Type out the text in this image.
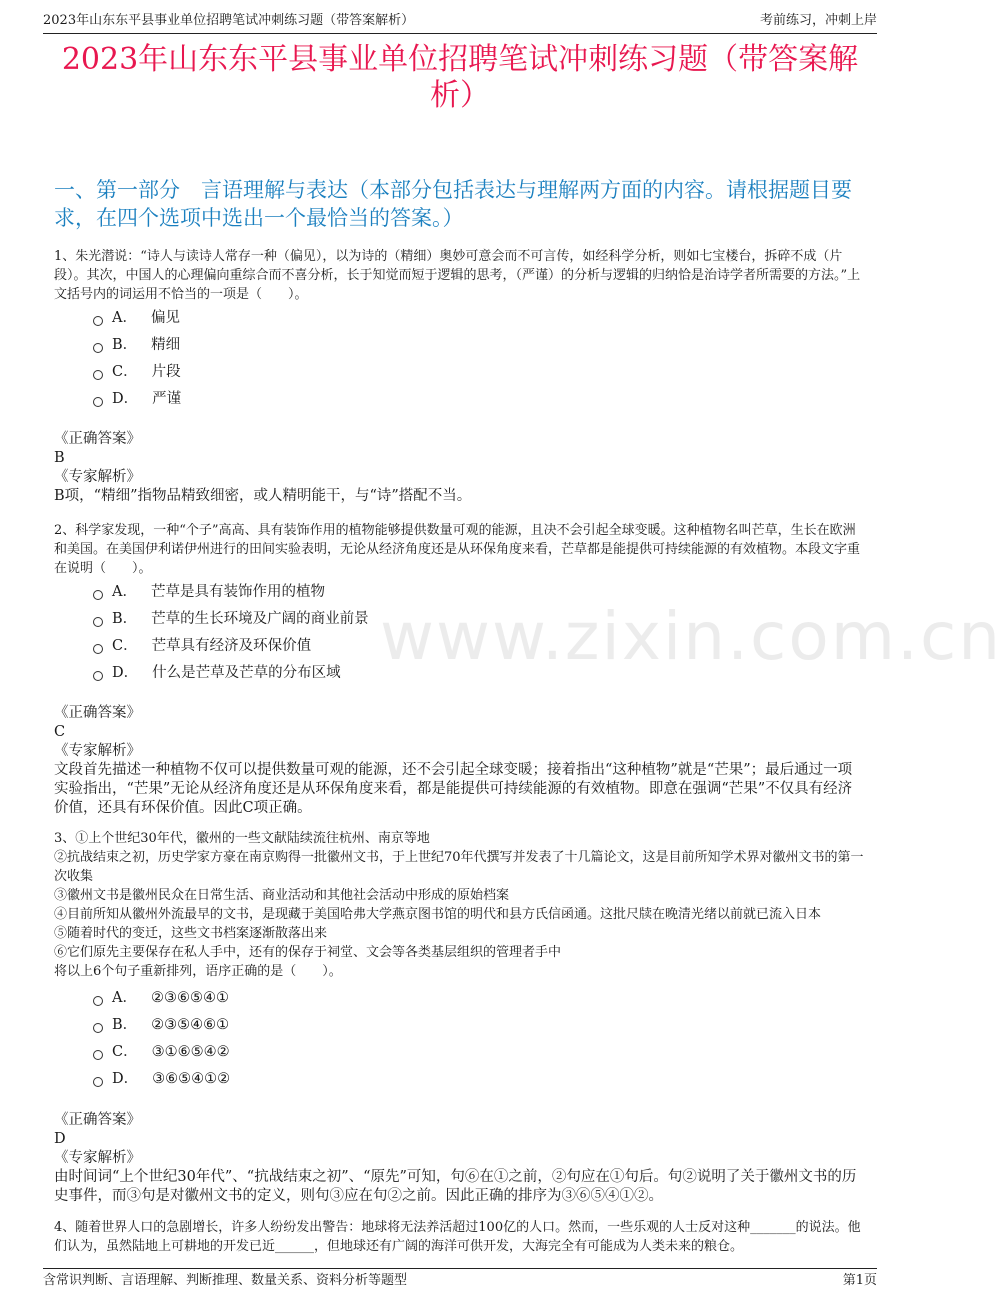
2023年山东东平县事业单位招聘笔试冲刺练习题（带答案解析）	考前练习，冲刺上岸
2023年山东东平县事业单位招聘笔试冲刺练习题（带答案解析）
一、第一部分　言语理解与表达（本部分包括表达与理解两方面的内容。请根据题目要求，在四个选项中选出一个最恰当的答案。）
www.zixin.com.cn

1、朱光潜说：“诗人与读诗人常存一种（偏见），以为诗的（精细）奥妙可意会而不可言传，如经科学分析，则如七宝楼台，拆碎不成（片段）。其次，中国人的心理偏向重综合而不喜分析，长于知觉而短于逻辑的思考，（严谨）的分析与逻辑的归纳恰是治诗学者所需要的方法。”上文括号内的词运用不恰当的一项是（　　）。

A． 偏见
B． 精细
C． 片段
D． 严谨

《正确答案》

B

《专家解析》

B项，“精细”指物品精致细密，或人精明能干，与“诗”搭配不当。

2、科学家发现，一种“个子”高高、具有装饰作用的植物能够提供数量可观的能源，且决不会引起全球变暖。这种植物名叫芒草，生长在欧洲和美国。在美国伊利诺伊州进行的田间实验表明，无论从经济角度还是从环保角度来看，芒草都是能提供可持续能源的有效植物。本段文字重在说明（　　）。

A． 芒草是具有装饰作用的植物
B． 芒草的生长环境及广阔的商业前景
C． 芒草具有经济及环保价值
D． 什么是芒草及芒草的分布区域

《正确答案》

C

《专家解析》

文段首先描述一种植物不仅可以提供数量可观的能源，还不会引起全球变暖；接着指出“这种植物”就是“芒果”；最后通过一项实验指出，“芒果”无论从经济角度还是从环保角度来看，都是能提供可持续能源的有效植物。即意在强调“芒果”不仅具有经济价值，还具有环保价值。因此C项正确。

3、①上个世纪30年代，徽州的一些文献陆续流往杭州、南京等地

②抗战结束之初，历史学家方豪在南京购得一批徽州文书，于上世纪70年代撰写并发表了十几篇论文，这是目前所知学术界对徽州文书的第一次收集

③徽州文书是徽州民众在日常生活、商业活动和其他社会活动中形成的原始档案

④目前所知从徽州外流最早的文书，是现藏于美国哈弗大学燕京图书馆的明代和县方氏信函通。这批尺牍在晚清光绪以前就已流入日本

⑤随着时代的变迁，这些文书档案逐渐散落出来

⑥它们原先主要保存在私人手中，还有的保存于祠堂、文会等各类基层组织的管理者手中

将以上6个句子重新排列，语序正确的是（　　）。

A． ②③⑥⑤④①
B． ②③⑤④⑥①
C． ③①⑥⑤④②
D． ③⑥⑤④①②

《正确答案》

D

《专家解析》

由时间词“上个世纪30年代”、“抗战结束之初”、“原先”可知，句⑥在①之前，②句应在①句后。句②说明了关于徽州文书的历史事件，而③句是对徽州文书的定义，则句③应在句②之前。因此正确的排序为③⑥⑤④①②。

4、随着世界人口的急剧增长，许多人纷纷发出警告：地球将无法养活超过100亿的人口。然而，一些乐观的人士反对这种_______的说法。他们认为，虽然陆地上可耕地的开发已近______，但地球还有广阔的海洋可供开发，大海完全有可能成为人类未来的粮仓。

含常识判断、言语理解、判断推理、数量关系、资料分析等题型	第1页
